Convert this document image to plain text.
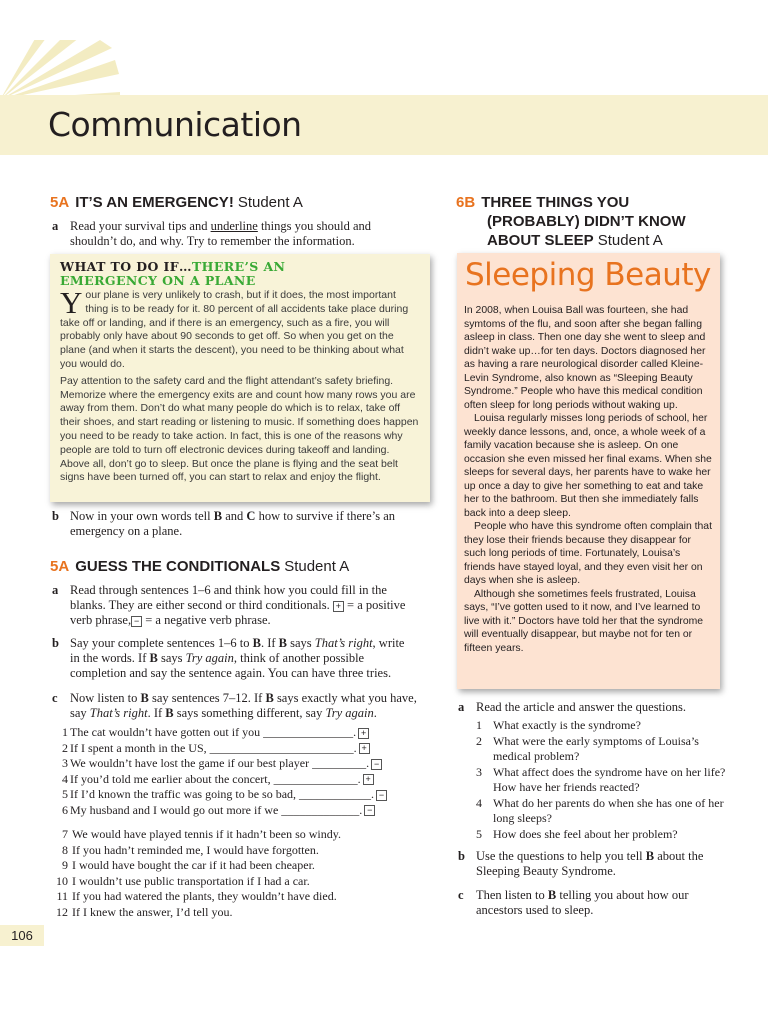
Communication
5A IT’S AN EMERGENCY! Student A
a Read your survival tips and underline things you should and shouldn’t do, and why. Try to remember the information.
WHAT TO DO IF…THERE’S AN EMERGENCY ON A PLANE

Your plane is very unlikely to crash, but if it does, the most important thing is to be ready for it. 80 percent of all accidents take place during take off or landing, and if there is an emergency, such as a fire, you will probably only have about 90 seconds to get off. So when you get on the plane (and when it starts the descent), you need to be thinking about what you would do.

Pay attention to the safety card and the flight attendant’s safety briefing. Memorize where the emergency exits are and count how many rows you are away from them. Don’t do what many people do which is to relax, take off their shoes, and start reading or listening to music. If something does happen you need to be ready to take action. In fact, this is one of the reasons why people are told to turn off electronic devices during takeoff and landing. Above all, don’t go to sleep. But once the plane is flying and the seat belt signs have been turned off, you can start to relax and enjoy the flight.

b Now in your own words tell B and C how to survive if there’s an emergency on a plane.
5A GUESS THE CONDITIONALS Student A
a Read through sentences 1–6 and think how you could fill in the blanks. They are either second or third conditionals. + = a positive verb phrase, − = a negative verb phrase.
b Say your complete sentences 1–6 to B. If B says That’s right, write in the words. If B says Try again, think of another possible completion and say the sentence again. You can have three tries.
c Now listen to B say sentences 7–12. If B says exactly what you have, say That’s right. If B says something different, say Try again.
1 The cat wouldn’t have gotten out if you _______________. +
2 If I spent a month in the US, ________________________. +
3 We wouldn’t have lost the game if our best player _________. −
4 If you’d told me earlier about the concert, ______________. +
5 If I’d known the traffic was going to be so bad, ____________. −
6 My husband and I would go out more if we _____________. −
7 We would have played tennis if it hadn’t been so windy.
8 If you hadn’t reminded me, I would have forgotten.
9 I would have bought the car if it had been cheaper.
10 I wouldn’t use public transportation if I had a car.
11 If you had watered the plants, they wouldn’t have died.
12 If I knew the answer, I’d tell you.
106
6B THREE THINGS YOU
(PROBABLY) DIDN’T KNOW
ABOUT SLEEP Student A
Sleeping Beauty

In 2008, when Louisa Ball was fourteen, she had symtoms of the flu, and soon after she began falling asleep in class. Then one day she went to sleep and didn’t wake up…for ten days. Doctors diagnosed her as having a rare neurological disorder called Kleine-Levin Syndrome, also known as “Sleeping Beauty Syndrome.” People who have this medical condition often sleep for long periods without waking up.

Louisa regularly misses long periods of school, her weekly dance lessons, and, once, a whole week of a family vacation because she is asleep. On one occasion she even missed her final exams. When she sleeps for several days, her parents have to wake her up once a day to give her something to eat and take her to the bathroom. But then she immediately falls back into a deep sleep.

People who have this syndrome often complain that they lose their friends because they disappear for such long periods of time. Fortunately, Louisa’s friends have stayed loyal, and they even visit her on days when she is asleep.

Although she sometimes feels frustrated, Louisa says, “I’ve gotten used to it now, and I’ve learned to live with it.” Doctors have told her that the syndrome will eventually disappear, but maybe not for ten or fifteen years.

a Read the article and answer the questions.
1 What exactly is the syndrome?
2 What were the early symptoms of Louisa’s medical problem?
3 What affect does the syndrome have on her life? How have her friends reacted?
4 What do her parents do when she has one of her long sleeps?
5 How does she feel about her problem?
b Use the questions to help you tell B about the Sleeping Beauty Syndrome.
c Then listen to B telling you about how our ancestors used to sleep.
